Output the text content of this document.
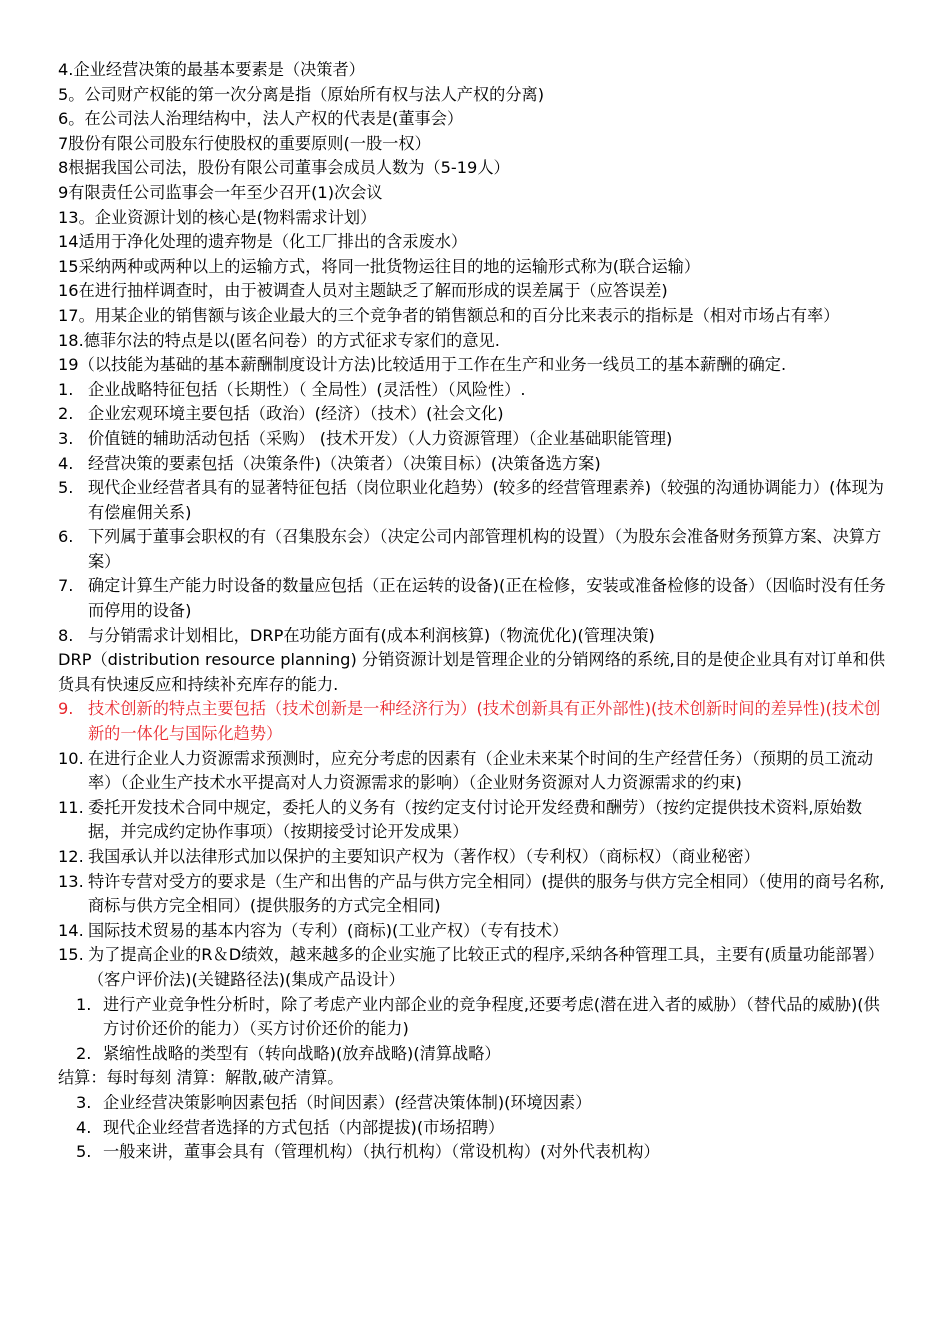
4.企业经营决策的最基本要素是（决策者）
5。公司财产权能的第一次分离是指（原始所有权与法人产权的分离)
6。在公司法人治理结构中，法人产权的代表是(董事会）
7股份有限公司股东行使股权的重要原则(一股一权）
8根据我国公司法，股份有限公司董事会成员人数为（5-19人）
9有限责任公司监事会一年至少召开(1)次会议
13。企业资源计划的核心是(物料需求计划）
14适用于净化处理的遗弃物是（化工厂排出的含汞废水）
15采纳两种或两种以上的运输方式，将同一批货物运往目的地的运输形式称为(联合运输）
16在进行抽样调查时，由于被调查人员对主题缺乏了解而形成的误差属于（应答误差)
17。用某企业的销售额与该企业最大的三个竞争者的销售额总和的百分比来表示的指标是（相对市场占有率）
18.德菲尔法的特点是以(匿名问卷）的方式征求专家们的意见.
19（以技能为基础的基本薪酬制度设计方法)比较适用于工作在生产和业务一线员工的基本薪酬的确定.
1. 企业战略特征包括（长期性）（ 全局性）(灵活性）（风险性）.
2. 企业宏观环境主要包括（政治）(经济）（技术）(社会文化)
3. 价值链的辅助活动包括（采购） (技术开发）（人力资源管理）（企业基础职能管理)
4. 经营决策的要素包括（决策条件)（决策者）（决策目标）(决策备选方案)
5. 现代企业经营者具有的显著特征包括（岗位职业化趋势）(较多的经营管理素养)（较强的沟通协调能力）(体现为有偿雇佣关系)
6. 下列属于董事会职权的有（召集股东会）（决定公司内部管理机构的设置）（为股东会准备财务预算方案、决算方案）
7. 确定计算生产能力时设备的数量应包括（正在运转的设备)(正在检修，安装或准备检修的设备）（因临时没有任务而停用的设备)
8. 与分销需求计划相比，DRP在功能方面有(成本利润核算)（物流优化)(管理决策)
DRP（distribution resource planning) 分销资源计划是管理企业的分销网络的系统,目的是使企业具有对订单和供货具有快速反应和持续补充库存的能力.
9. 技术创新的特点主要包括（技术创新是一种经济行为）(技术创新具有正外部性)(技术创新时间的差异性)(技术创新的一体化与国际化趋势）
10. 在进行企业人力资源需求预测时，应充分考虑的因素有（企业未来某个时间的生产经营任务）（预期的员工流动率）（企业生产技术水平提高对人力资源需求的影响）（企业财务资源对人力资源需求的约束)
11. 委托开发技术合同中规定，委托人的义务有（按约定支付讨论开发经费和酬劳）（按约定提供技术资料,原始数据，并完成约定协作事项）（按期接受讨论开发成果）
12. 我国承认并以法律形式加以保护的主要知识产权为（著作权）（专利权）（商标权）（商业秘密）
13. 特许专营对受方的要求是（生产和出售的产品与供方完全相同）(提供的服务与供方完全相同）（使用的商号名称,商标与供方完全相同）(提供服务的方式完全相同)
14. 国际技术贸易的基本内容为（专利）(商标)(工业产权）（专有技术）
15. 为了提高企业的R＆D绩效，越来越多的企业实施了比较正式的程序,采纳各种管理工具，主要有(质量功能部署）（客户评价法)(关键路径法)(集成产品设计）
1. 进行产业竞争性分析时，除了考虑产业内部企业的竞争程度,还要考虑(潜在进入者的威胁）（替代品的威胁)(供方讨价还价的能力）（买方讨价还价的能力)
2. 紧缩性战略的类型有（转向战略)(放弃战略)(清算战略）
结算：每时每刻 清算：解散,破产清算。
3. 企业经营决策影响因素包括（时间因素）(经营决策体制)(环境因素）
4. 现代企业经营者选择的方式包括（内部提拔)(市场招聘）
5. 一般来讲，董事会具有（管理机构）（执行机构）（常设机构）(对外代表机构）
